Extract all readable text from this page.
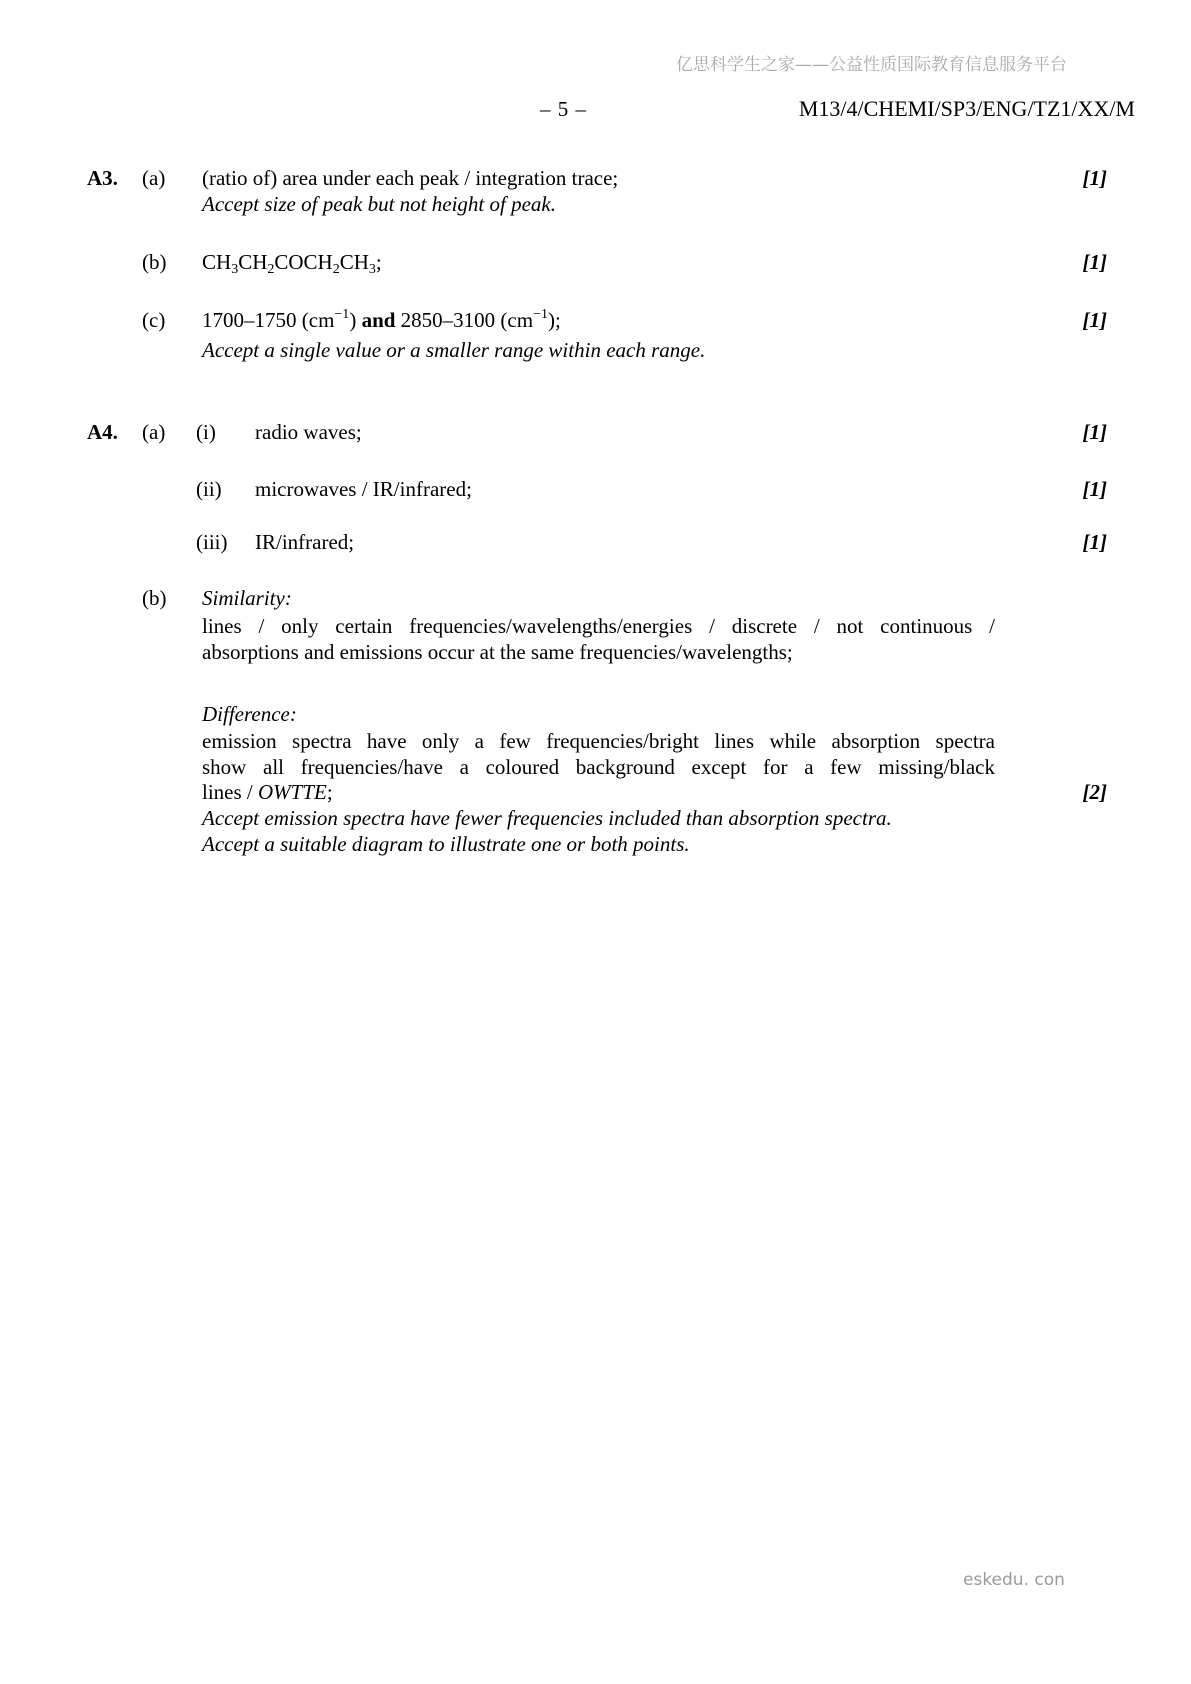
亿思科学生之家——公益性质国际教育信息服务平台
– 5 –	M13/4/CHEMI/SP3/ENG/TZ1/XX/M
A3. (a) (ratio of) area under each peak / integration trace;	[1]
Accept size of peak but not height of peak.
(b) $CH_3CH_2COCH_2CH_3$;	[1]
(c) 1700–1750 $(cm^{-1})$ and 2850–3100 $(cm^{-1})$;	[1]
Accept a single value or a smaller range within each range.
A4. (a) (i) radio waves;	[1]
(ii) microwaves / IR/infrared;	[1]
(iii) IR/infrared;	[1]
(b) Similarity:
lines / only certain frequencies/wavelengths/energies / discrete / not continuous /
absorptions and emissions occur at the same frequencies/wavelengths;
Difference:
emission spectra have only a few frequencies/bright lines while absorption spectra
show all frequencies/have a coloured background except for a few missing/black
lines / OWTTE;	[2]
Accept emission spectra have fewer frequencies included than absorption spectra.
Accept a suitable diagram to illustrate one or both points.
eskedu. con
